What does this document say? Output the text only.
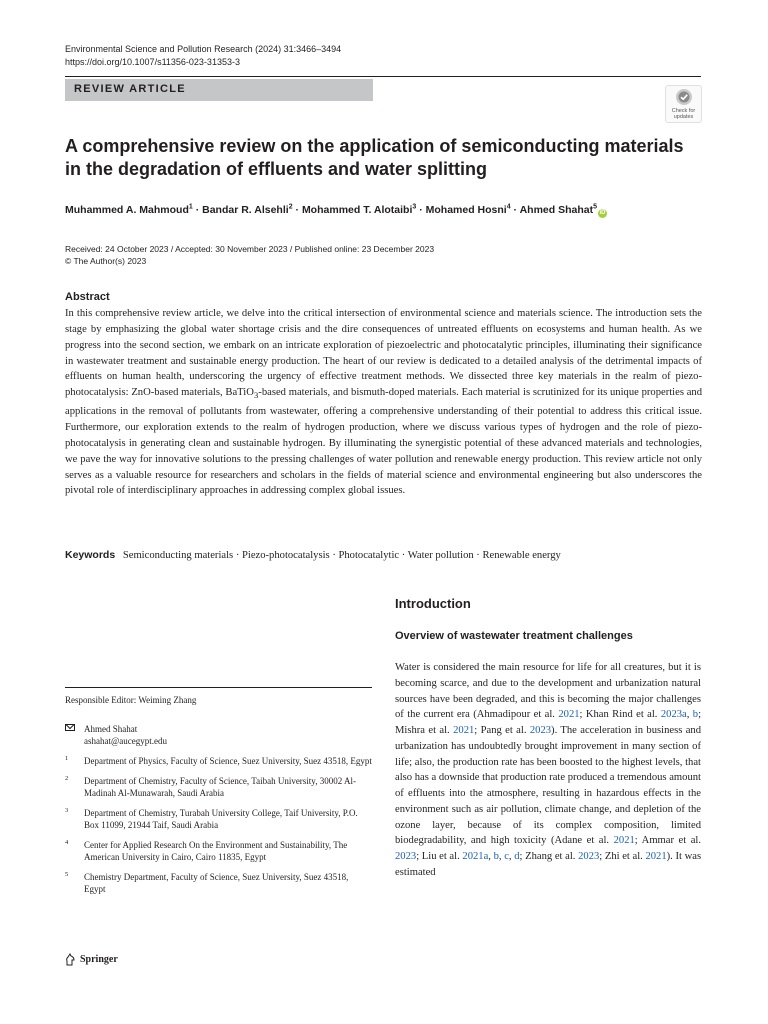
Environmental Science and Pollution Research (2024) 31:3466–3494
https://doi.org/10.1007/s11356-023-31353-3
REVIEW ARTICLE
Check for
updates
A comprehensive review on the application of semiconducting materials in the degradation of effluents and water splitting
Muhammed A. Mahmoud$^1$ · Bandar R. Alsehli$^2$ · Mohammed T. Alotaibi$^3$ · Mohamed Hosni$^4$ · Ahmed Shahat$^5$iD
Received: 24 October 2023 / Accepted: 30 November 2023 / Published online: 23 December 2023
© The Author(s) 2023
Abstract
In this comprehensive review article, we delve into the critical intersection of environmental science and materials science. The introduction sets the stage by emphasizing the global water shortage crisis and the dire consequences of untreated effluents on ecosystems and human health. As we progress into the second section, we embark on an intricate exploration of piezoelectric and photocatalytic principles, illuminating their significance in wastewater treatment and sustainable energy production. The heart of our review is dedicated to a detailed analysis of the detrimental impacts of effluents on human health, underscoring the urgency of effective treatment methods. We dissected three key materials in the realm of piezo-photocatalysis: ZnO-based materials, BaTiO$_3$-based materials, and bismuth-doped materials. Each material is scrutinized for its unique properties and applications in the removal of pollutants from wastewater, offering a comprehensive understanding of their potential to address this critical issue. Furthermore, our exploration extends to the realm of hydrogen production, where we discuss various types of hydrogen and the role of piezo-photocatalysis in generating clean and sustainable hydrogen. By illuminating the synergistic potential of these advanced materials and technologies, we pave the way for innovative solutions to the pressing challenges of water pollution and renewable energy production. This review article not only serves as a valuable resource for researchers and scholars in the fields of material science and environmental engineering but also underscores the pivotal role of interdisciplinary approaches in addressing complex global issues.
Keywords Semiconducting materials · Piezo-photocatalysis · Photocatalytic · Water pollution · Renewable energy
Introduction
Overview of wastewater treatment challenges
Water is considered the main resource for life for all creatures, but it is becoming scarce, and due to the development and urbanization natural sources have been degraded, and this is becoming the major challenges of the current era (Ahmadipour et al. 2021; Khan Rind et al. 2023a, b; Mishra et al. 2021; Pang et al. 2023). The acceleration in business and urbanization has undoubtedly brought improvement in many section of life; also, the production rate has been boosted to the highest levels, that also has a downside that production rate produced a tremendous amount of effluents into the atmosphere, resulting in hazardous effects in the environment such as air pollution, climate change, and depletion of the ozone layer, because of its complex composition, limited biodegradability, and high toxicity (Adane et al. 2021; Ammar et al. 2023; Liu et al. 2021a, b, c, d; Zhang et al. 2023; Zhi et al. 2021). It was estimated
Responsible Editor: Weiming Zhang
Ahmed Shahat
ashahat@aucegypt.edu
1 Department of Physics, Faculty of Science, Suez University, Suez 43518, Egypt
2 Department of Chemistry, Faculty of Science, Taibah University, 30002 Al-Madinah Al-Munawarah, Saudi Arabia
3 Department of Chemistry, Turabah University College, Taif University, P.O. Box 11099, 21944 Taif, Saudi Arabia
4 Center for Applied Research On the Environment and Sustainability, The American University in Cairo, Cairo 11835, Egypt
5 Chemistry Department, Faculty of Science, Suez University, Suez 43518, Egypt
Springer
